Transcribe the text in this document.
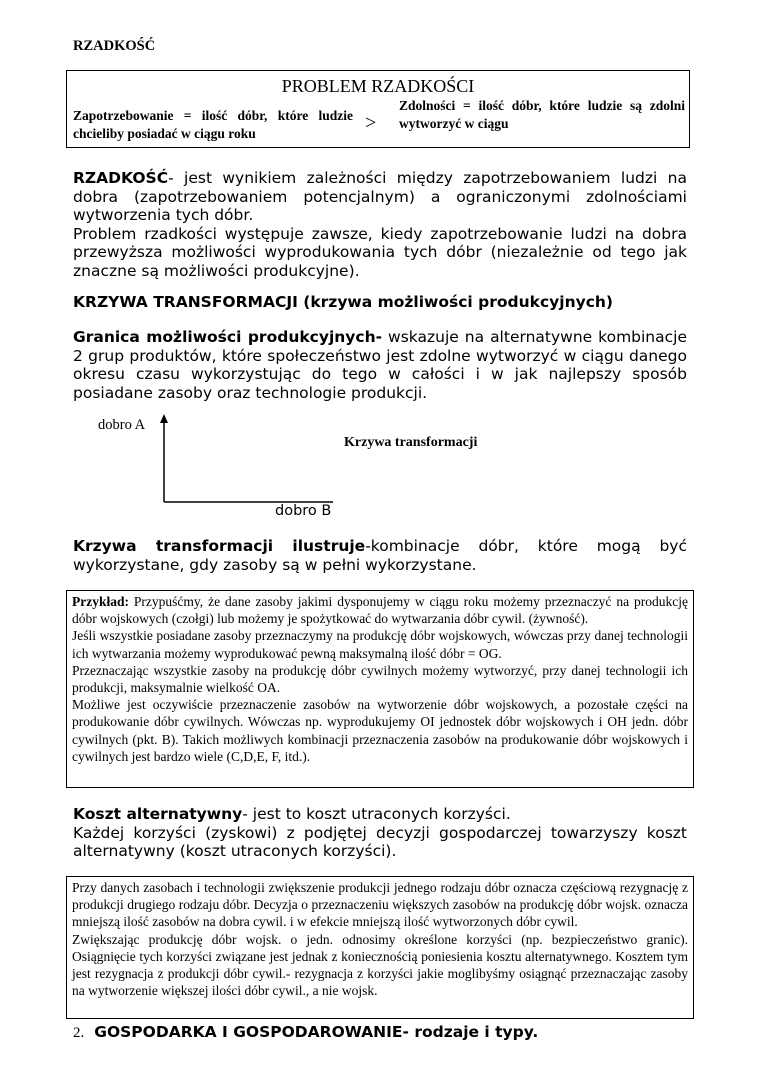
RZADKOŚĆ
PROBLEM RZADKOŚCI
Zapotrzebowanie = ilość dóbr, które ludzie chcieliby posiadać w ciągu roku	>
Zdolności = ilość dóbr, które ludzie są zdolni wytworzyć w ciągu
RZADKOŚĆ- jest wynikiem zależności między zapotrzebowaniem ludzi na dobra (zapotrzebowaniem potencjalnym) a ograniczonymi zdolnościami wytworzenia tych dóbr.
Problem rzadkości występuje zawsze, kiedy zapotrzebowanie ludzi na dobra przewyższa możliwości wyprodukowania tych dóbr (niezależnie od tego jak znaczne są możliwości produkcyjne).
KRZYWA TRANSFORMACJI (krzywa możliwości produkcyjnych)
Granica możliwości produkcyjnych- wskazuje na alternatywne kombinacje 2 grup produktów, które społeczeństwo jest zdolne wytworzyć w ciągu danego okresu czasu wykorzystując do tego w całości i w jak najlepszy sposób posiadane zasoby oraz technologie produkcji.
dobro A
dobro B
Krzywa transformacji
Krzywa transformacji ilustruje-kombinacje dóbr, które mogą być wykorzystane, gdy zasoby są w pełni wykorzystane.
Przykład: Przypuśćmy, że dane zasoby jakimi dysponujemy w ciągu roku możemy przeznaczyć na produkcję dóbr wojskowych (czołgi) lub możemy je spożytkować do wytwarzania dóbr cywil. (żywność).
Jeśli wszystkie posiadane zasoby przeznaczymy na produkcję dóbr wojskowych, wówczas przy danej technologii ich wytwarzania możemy wyprodukować pewną maksymalną ilość dóbr = OG.
Przeznaczając wszystkie zasoby na produkcję dóbr cywilnych możemy wytworzyć, przy danej technologii ich produkcji, maksymalnie wielkość OA.
Możliwe jest oczywiście przeznaczenie zasobów na wytworzenie dóbr wojskowych, a pozostałe części na produkowanie dóbr cywilnych. Wówczas np. wyprodukujemy OI jednostek dóbr wojskowych i OH jedn. dóbr cywilnych (pkt. B). Takich możliwych kombinacji przeznaczenia zasobów na produkowanie dóbr wojskowych i cywilnych jest bardzo wiele (C,D,E, F, itd.).
Koszt alternatywny- jest to koszt utraconych korzyści.
Każdej korzyści (zyskowi) z podjętej decyzji gospodarczej towarzyszy koszt alternatywny (koszt utraconych korzyści).
Przy danych zasobach i technologii zwiększenie produkcji jednego rodzaju dóbr oznacza częściową rezygnację z produkcji drugiego rodzaju dóbr. Decyzja o przeznaczeniu większych zasobów na produkcję dóbr wojsk. oznacza mniejszą ilość zasobów na dobra cywil. i w efekcie mniejszą ilość wytworzonych dóbr cywil.
Zwiększając produkcję dóbr wojsk. o jedn. odnosimy określone korzyści (np. bezpieczeństwo granic). Osiągnięcie tych korzyści związane jest jednak z koniecznością poniesienia kosztu alternatywnego. Kosztem tym jest rezygnacja z produkcji dóbr cywil.- rezygnacja z korzyści jakie moglibyśmy osiągnąć przeznaczając zasoby na wytworzenie większej ilości dóbr cywil., a nie wojsk.
2. GOSPODARKA I GOSPODAROWANIE- rodzaje i typy.
